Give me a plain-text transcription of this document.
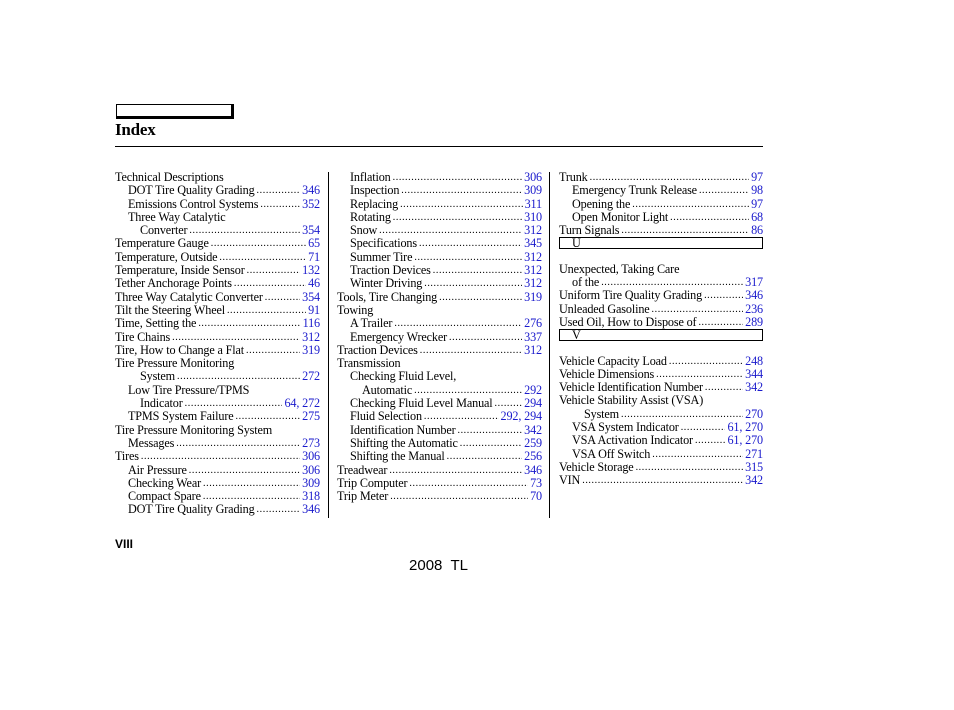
Index
Technical Descriptions
DOT Tire Quality Grading .....	346
Emissions Control Systems .....	352
Three Way Catalytic
Converter .....	354
Temperature Gauge .....	65
Temperature, Outside .....	71
Temperature, Inside Sensor .....	132
Tether Anchorage Points .....	46
Three Way Catalytic Converter .....	354
Tilt the Steering Wheel .....	91
Time, Setting the .....	116
Tire Chains .....	312
Tire, How to Change a Flat .....	319
Tire Pressure Monitoring
System .....	272
Low Tire Pressure/TPMS
Indicator .....	64, 272
TPMS System Failure .....	275
Tire Pressure Monitoring System
Messages .....	273
Tires .....	306
Air Pressure .....	306
Checking Wear .....	309
Compact Spare .....	318
DOT Tire Quality Grading .....	346
Inflation .....	306
Inspection .....	309
Replacing .....	311
Rotating .....	310
Snow .....	312
Specifications .....	345
Summer Tire .....	312
Traction Devices .....	312
Winter Driving .....	312
Tools, Tire Changing .....	319
Towing
A Trailer .....	276
Emergency Wrecker .....	337
Traction Devices .....	312
Transmission
Checking Fluid Level,
Automatic .....	292
Checking Fluid Level Manual .....	294
Fluid Selection .....	292, 294
Identification Number .....	342
Shifting the Automatic .....	259
Shifting the Manual .....	256
Treadwear .....	346
Trip Computer .....	73
Trip Meter .....	70
Trunk .....	97
Emergency Trunk Release .....	98
Opening the .....	97
Open Monitor Light .....	68
Turn Signals .....	86
U
Unexpected, Taking Care
of the .....	317
Uniform Tire Quality Grading .....	346
Unleaded Gasoline .....	236
Used Oil, How to Dispose of .....	289
V
Vehicle Capacity Load .....	248
Vehicle Dimensions .....	344
Vehicle Identification Number .....	342
Vehicle Stability Assist (VSA)
System .....	270
VSA System Indicator .....	61, 270
VSA Activation Indicator .....	61, 270
VSA Off Switch .....	271
Vehicle Storage .....	315
VIN .....	342
VIII
2008  TL
